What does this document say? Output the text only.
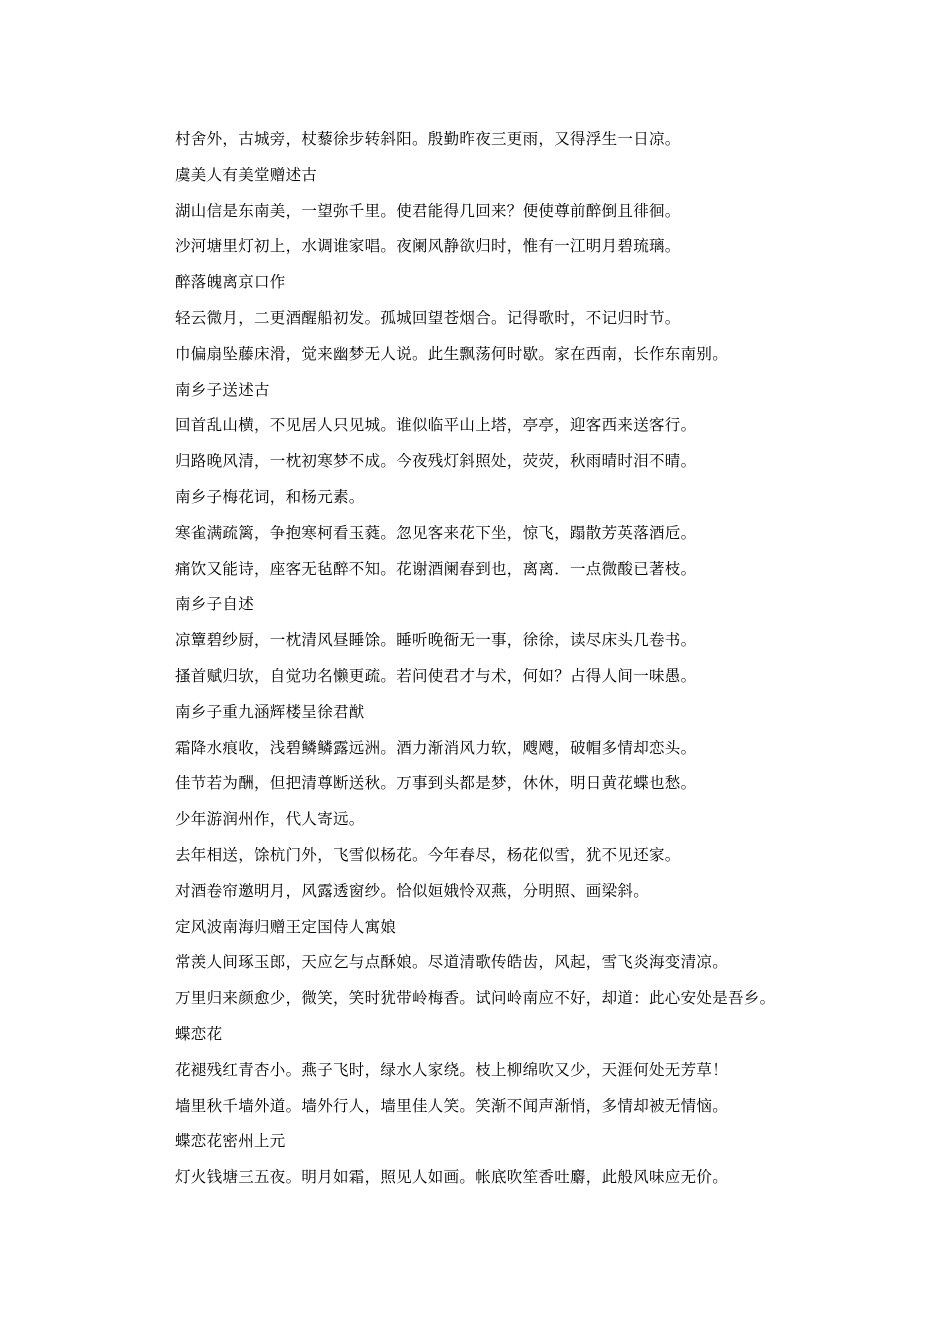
村舍外，古城旁，杖藜徐步转斜阳。殷勤昨夜三更雨，又得浮生一日凉。
虞美人有美堂赠述古
湖山信是东南美，一望弥千里。使君能得几回来？便使尊前醉倒且徘徊。
沙河塘里灯初上，水调谁家唱。夜阑风静欲归时，惟有一江明月碧琉璃。
醉落魄离京口作
轻云微月，二更酒醒船初发。孤城回望苍烟合。记得歌时，不记归时节。
巾偏扇坠藤床滑，觉来幽梦无人说。此生飘荡何时歇。家在西南，长作东南别。
南乡子送述古
回首乱山横，不见居人只见城。谁似临平山上塔，亭亭，迎客西来送客行。
归路晚风清，一枕初寒梦不成。今夜残灯斜照处，荧荧，秋雨晴时泪不晴。
南乡子梅花词，和杨元素。
寒雀满疏篱，争抱寒柯看玉蕤。忽见客来花下坐，惊飞，蹋散芳英落酒卮。
痛饮又能诗，座客无毡醉不知。花谢酒阑春到也，离离．一点微酸已著枝。
南乡子自述
凉簟碧纱厨，一枕清风昼睡馀。睡听晚衙无一事，徐徐，读尽床头几卷书。
搔首赋归欤，自觉功名懒更疏。若问使君才与术，何如？占得人间一味愚。
南乡子重九涵辉楼呈徐君猷
霜降水痕收，浅碧鳞鳞露远洲。酒力渐消风力软，飕飕，破帽多情却恋头。
佳节若为酬，但把清尊断送秋。万事到头都是梦，休休，明日黄花蝶也愁。
少年游润州作，代人寄远。
去年相送，馀杭门外，飞雪似杨花。今年春尽，杨花似雪，犹不见还家。
对酒卷帘邀明月，风露透窗纱。恰似姮娥怜双燕，分明照、画梁斜。
定风波南海归赠王定国侍人寓娘
常羡人间琢玉郎，天应乞与点酥娘。尽道清歌传皓齿，风起，雪飞炎海变清凉。
万里归来颜愈少，微笑，笑时犹带岭梅香。试问岭南应不好，却道：此心安处是吾乡。
蝶恋花
花褪残红青杏小。燕子飞时，绿水人家绕。枝上柳绵吹又少，天涯何处无芳草！
墙里秋千墙外道。墙外行人，墙里佳人笑。笑渐不闻声渐悄，多情却被无情恼。
蝶恋花密州上元
灯火钱塘三五夜。明月如霜，照见人如画。帐底吹笙香吐麝，此般风味应无价。
